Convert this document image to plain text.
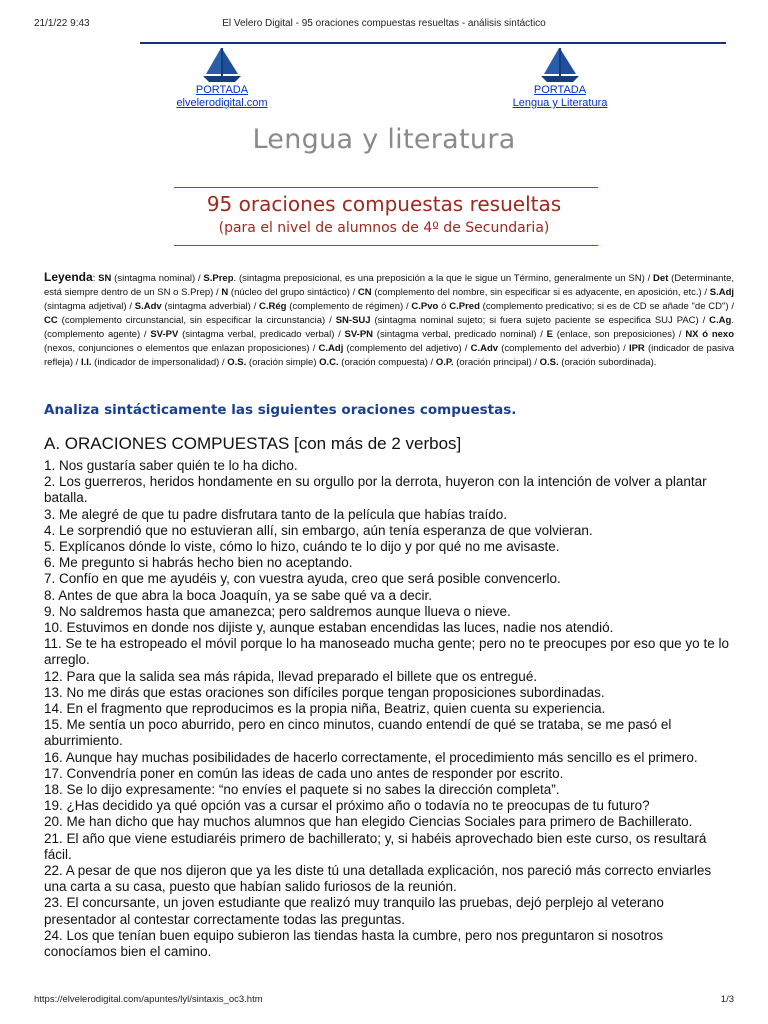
21/1/22 9:43	El Velero Digital - 95 oraciones compuestas resueltas - análisis sintáctico
PORTADA
elvelerodigital.com
PORTADA
Lengua y Literatura
Lengua y literatura
95 oraciones compuestas resueltas
(para el nivel de alumnos de 4º de Secundaria)
Leyenda: SN (sintagma nominal) / S.Prep. (sintagma preposicional, es una preposición a la que le sigue un Término, generalmente un SN) / Det (Determinante, está siempre dentro de un SN o S.Prep) / N (núcleo del grupo sintáctico) / CN (complemento del nombre, sin especificar si es adyacente, en aposición, etc.) / S.Adj (sintagma adjetival) / S.Adv (sintagma adverbial) / C.Rég (complemento de régimen) / C.Pvo ó C.Pred (complemento predicativo; si es de CD se añade "de CD") / CC (complemento circunstancial, sin especificar la circunstancia) / SN-SUJ (sintagma nominal sujeto; si fuera sujeto paciente se especifica SUJ PAC) / C.Ag. (complemento agente) / SV-PV (sintagma verbal, predicado verbal) / SV-PN (sintagma verbal, predicado nominal) / E (enlace, son preposiciones) / NX ó nexo (nexos, conjunciones o elementos que enlazan proposiciones) / C.Adj (complemento del adjetivo) / C.Adv (complemento del adverbio) / IPR (indicador de pasiva refleja) / I.I. (indicador de impersonalidad) / O.S. (oración simple) O.C. (oración compuesta) / O.P. (oración principal) / O.S. (oración subordinada).
Analiza sintácticamente las siguientes oraciones compuestas.
A. ORACIONES COMPUESTAS [con más de 2 verbos]
1. Nos gustaría saber quién te lo ha dicho.
2. Los guerreros, heridos hondamente en su orgullo por la derrota, huyeron con la intención de volver a plantar batalla.
3. Me alegré de que tu padre disfrutara tanto de la película que habías traído.
4. Le sorprendió que no estuvieran allí, sin embargo, aún tenía esperanza de que volvieran.
5. Explícanos dónde lo viste, cómo lo hizo, cuándo te lo dijo y por qué no me avisaste.
6. Me pregunto si habrás hecho bien no aceptando.
7. Confío en que me ayudéis y, con vuestra ayuda, creo que será posible convencerlo.
8. Antes de que abra la boca Joaquín, ya se sabe qué va a decir.
9. No saldremos hasta que amanezca; pero saldremos aunque llueva o nieve.
10. Estuvimos en donde nos dijiste y, aunque estaban encendidas las luces, nadie nos atendió.
11. Se te ha estropeado el móvil porque lo ha manoseado mucha gente; pero no te preocupes por eso que yo te lo arreglo.
12. Para que la salida sea más rápida, llevad preparado el billete que os entregué.
13. No me dirás que estas oraciones son difíciles porque tengan proposiciones subordinadas.
14. En el fragmento que reproducimos es la propia niña, Beatriz, quien cuenta su experiencia.
15. Me sentía un poco aburrido, pero en cinco minutos, cuando entendí de qué se trataba, se me pasó el aburrimiento.
16. Aunque hay muchas posibilidades de hacerlo correctamente, el procedimiento más sencillo es el primero.
17. Convendría poner en común las ideas de cada uno antes de responder por escrito.
18. Se lo dijo expresamente: “no envíes el paquete si no sabes la dirección completa”.
19. ¿Has decidido ya qué opción vas a cursar el próximo año o todavía no te preocupas de tu futuro?
20. Me han dicho que hay muchos alumnos que han elegido Ciencias Sociales para primero de Bachillerato.
21. El año que viene estudiaréis primero de bachillerato; y, si habéis aprovechado bien este curso, os resultará fácil.
22. A pesar de que nos dijeron que ya les diste tú una detallada explicación, nos pareció más correcto enviarles una carta a su casa, puesto que habían salido furiosos de la reunión.
23. El concursante, un joven estudiante que realizó muy tranquilo las pruebas, dejó perplejo al veterano presentador al contestar correctamente todas las preguntas.
24. Los que tenían buen equipo subieron las tiendas hasta la cumbre, pero nos preguntaron si nosotros conocíamos bien el camino.
https://elvelerodigital.com/apuntes/lyl/sintaxis_oc3.htm	1/3
